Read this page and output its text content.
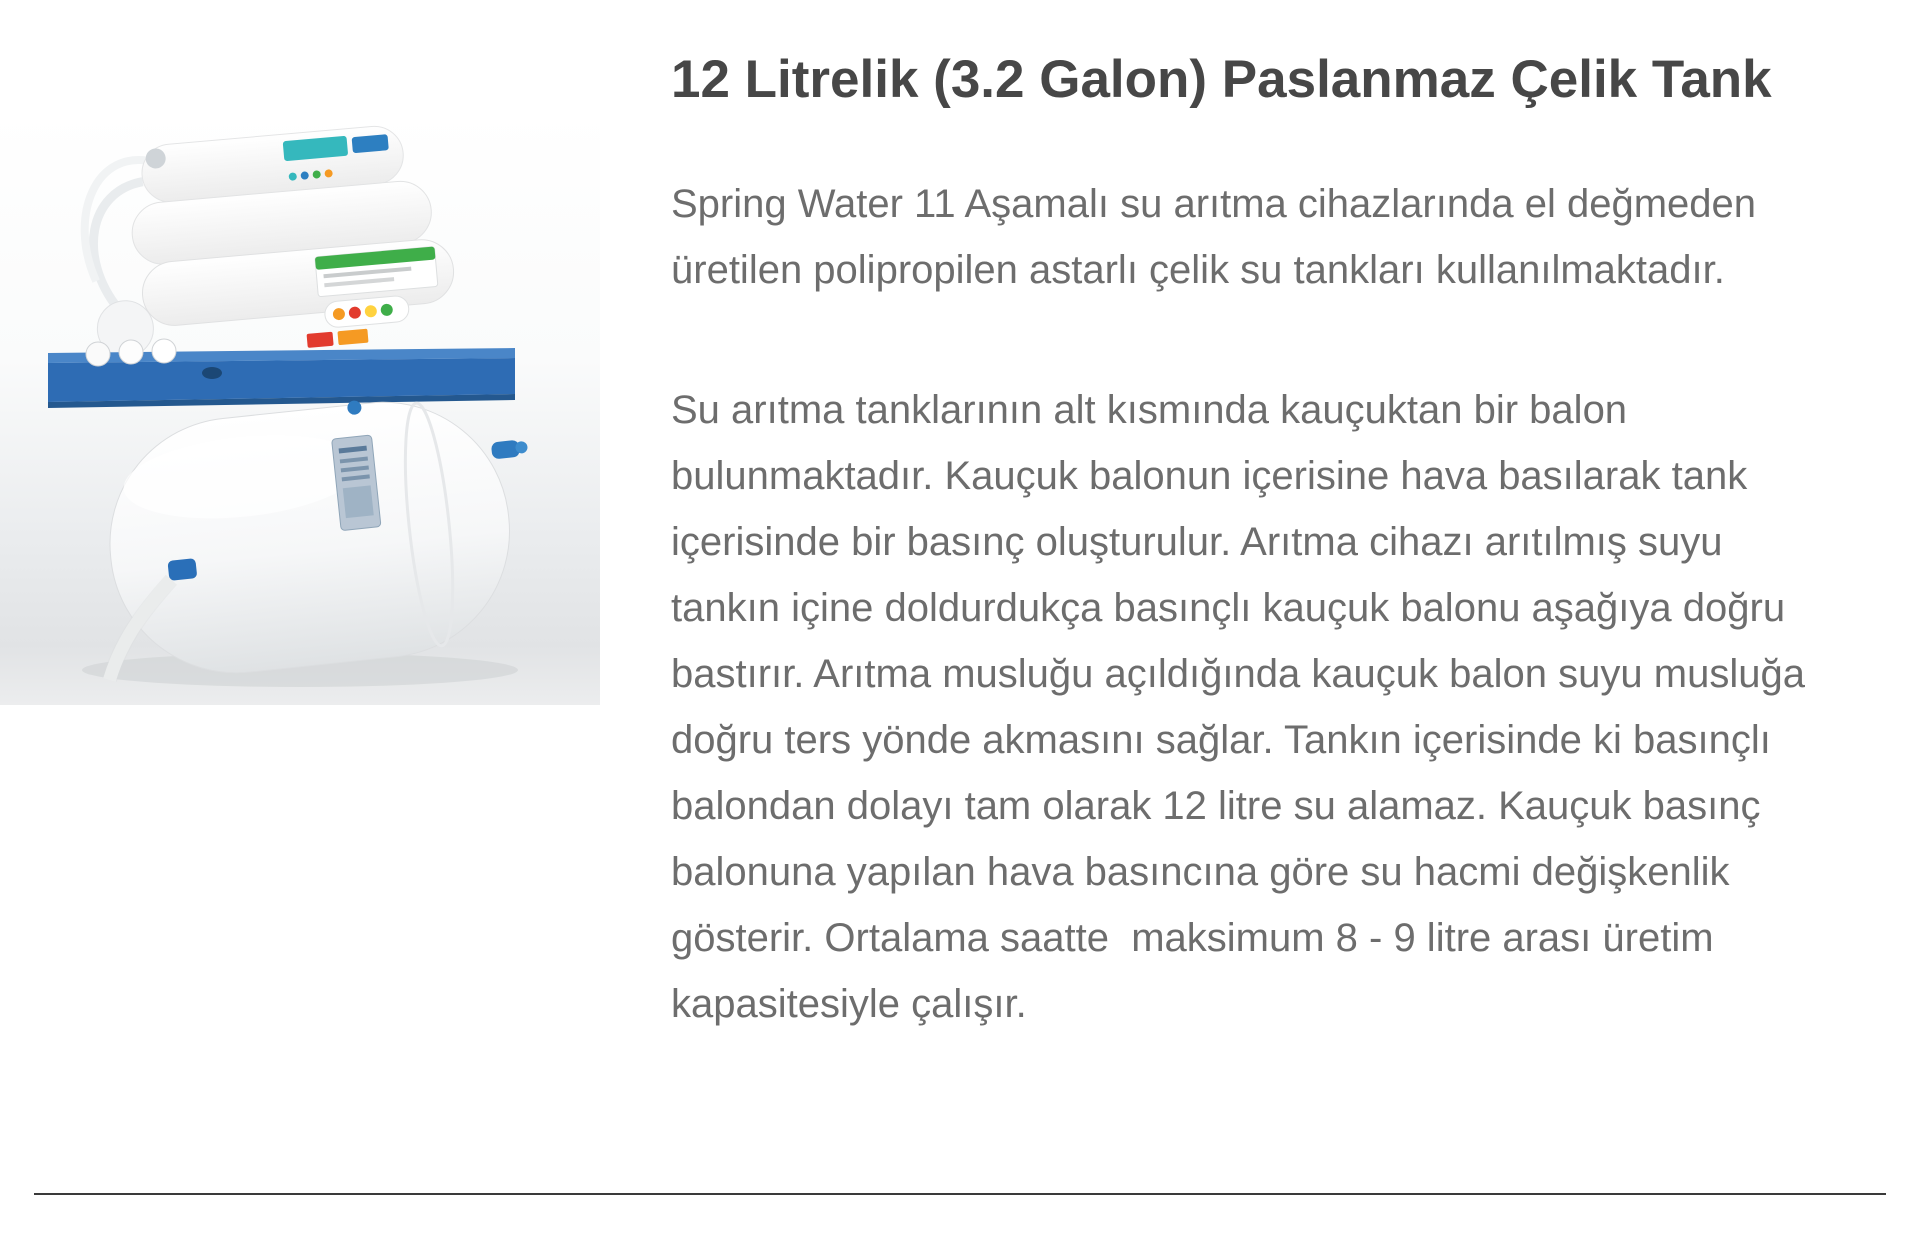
12 Litrelik (3.2 Galon) Paslanmaz Çelik Tank

Spring Water 11 Aşamalı su arıtma cihazlarında el değmeden üretilen polipropilen astarlı çelik su tankları kullanılmaktadır.

Su arıtma tanklarının alt kısmında kauçuktan bir balon bulunmaktadır. Kauçuk balonun içerisine hava basılarak tank içerisinde bir basınç oluşturulur. Arıtma cihazı arıtılmış suyu tankın içine doldurdukça basınçlı kauçuk balonu aşağıya doğru bastırır. Arıtma musluğu açıldığında kauçuk balon suyu musluğa doğru ters yönde akmasını sağlar. Tankın içerisinde ki basınçlı balondan dolayı tam olarak 12 litre su alamaz. Kauçuk basınç balonuna yapılan hava basıncına göre su hacmi değişkenlik gösterir. Ortalama saatte  maksimum 8 - 9 litre arası üretim kapasitesiyle çalışır.
